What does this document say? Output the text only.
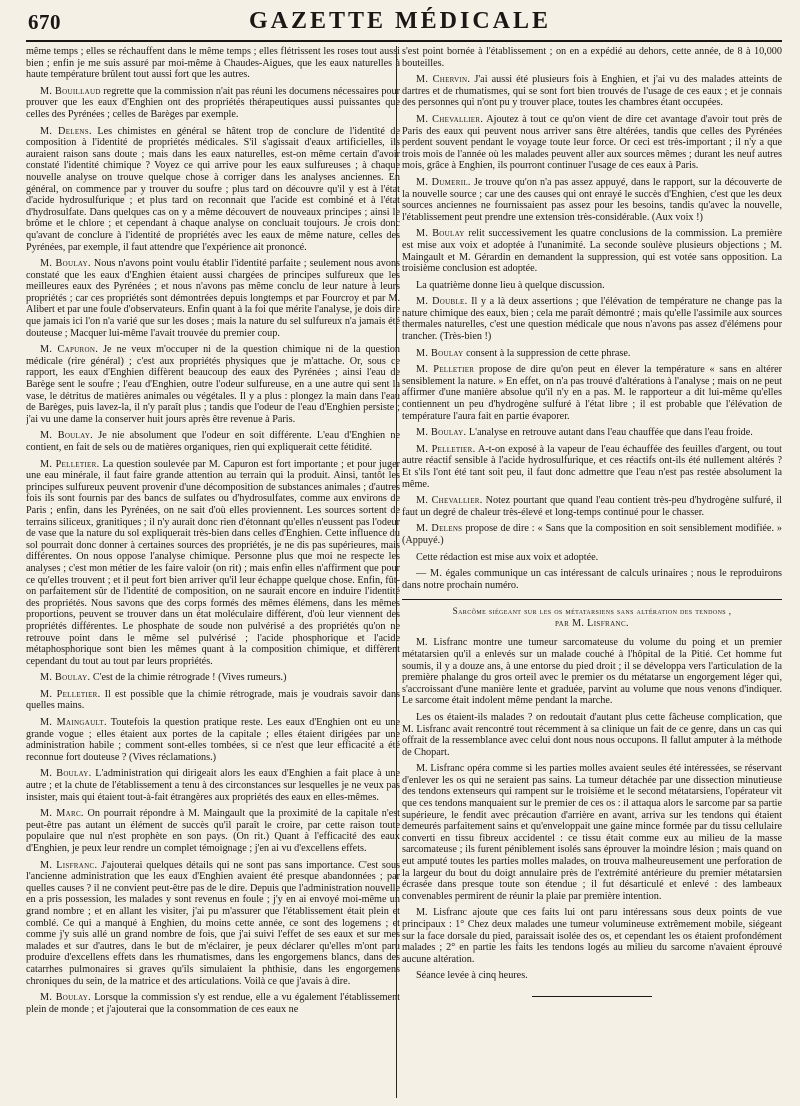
670	GAZETTE MÉDICALE

même temps ; elles se réchauffent dans le même temps ; elles flétrissent les roses tout aussi bien ; enfin je me suis assuré par moi-même à Chaudes-Aigues, que les eaux naturelles à haute température brûlent tout aussi fort que les autres.

M. Bouillaud regrette que la commission n'ait pas réuni les documens nécessaires pour prouver que les eaux d'Enghien ont des propriétés thérapeutiques aussi puissantes que celles des Pyrénées ; celles de Barèges par exemple.

M. Delens. Les chimistes en général se hâtent trop de conclure de l'identité de composition à l'identité de propriétés médicales. S'il s'agissait d'eaux artificielles, ils auraient raison sans doute ; mais dans les eaux naturelles, est-on même certain d'avoir constaté l'identité chimique ? Voyez ce qui arrive pour les eaux sulfureuses ; à chaque nouvelle analyse on trouve quelque chose à corriger dans les analyses anciennes. En général, on commence par y trouver du soufre ; plus tard on découvre qu'il y est à l'état d'acide hydrosulfurique ; et plus tard on reconnait que l'acide est combiné et à l'état d'hydrosulfate. Dans quelques cas on y a même découvert de nouveaux principes ; ainsi le brôme et le chlore ; et cependant à chaque analyse on concluait toujours. Je crois donc qu'avant de conclure à l'identité de propriétés avec les eaux de même nature, celles des Pyrénées, par exemple, il faut attendre que l'expérience ait prononcé.

M. Boulay. Nous n'avons point voulu établir l'identité parfaite ; seulement nous avons constaté que les eaux d'Enghien étaient aussi chargées de principes sulfureux que les meilleures eaux des Pyrénées ; et nous n'avons pas même conclu de leur nature à leurs propriétés ; car ces propriétés sont démontrées depuis longtemps et par Fourcroy et par M. Alibert et par une foule d'observateurs. Enfin quant à la foi que mérite l'analyse, je dois dire que jamais ici l'on n'a varié que sur les doses ; mais la nature du sel sulfureux n'a jamais été douteuse ; Macquer lui-même l'avait trouvée du premier coup.

M. Capuron. Je ne veux m'occuper ni de la question chimique ni de la question médicale (rire général) ; c'est aux propriétés physiques que je m'attache. Or, sous ce rapport, les eaux d'Enghien diffèrent beaucoup des eaux des Pyrénées ; ainsi l'eau de Barège sent le soufre ; l'eau d'Enghien, outre l'odeur sulfureuse, en a une autre qui sent la vase, le détritus de matières animales ou végétales. Il y a plus : plongez la main dans l'eau de Barèges, puis lavez-la, il n'y paraît plus ; tandis que l'odeur de l'eau d'Enghien persiste ; j'ai vu une dame la conserver huit jours après être revenue à Paris.

M. Boulay. Je nie absolument que l'odeur en soit différente. L'eau d'Enghien ne contient, en fait de sels ou de matières organiques, rien qui expliquerait cette fétidité.

M. Pelletier. La question soulevée par M. Capuron est fort importante ; et pour juger une eau minérale, il faut faire grande attention au terrain qui la produit. Ainsi, tantôt les principes sulfureux peuvent provenir d'une décomposition de substances animales ; d'autres fois ils sont fournis par des bancs de sulfates ou d'hydrosulfates, comme aux environs de Paris ; enfin, dans les Pyrénées, on ne sait d'où elles proviennent. Les sources sortent de terrains siliceux, granitiques ; il n'y aurait donc rien d'étonnant qu'elles n'eussent pas l'odeur de vase que la nature du sol expliquerait très-bien dans celles d'Enghien. Cette influence du sol pourrait donc donner à certaines sources des propriétés, je ne dis pas supérieures, mais différentes. On nous oppose l'analyse chimique. Personne plus que moi ne respecte les analyses ; c'est mon métier de les faire valoir (on rit) ; mais enfin elles n'affirment que pour ce qu'elles trouvent ; et il peut fort bien arriver qu'il leur échappe quelque chose. Enfin, fût-on parfaitement sûr de l'identité de composition, on ne saurait encore en induire l'identité des propriétés. Nous savons que des corps formés des mêmes élémens, dans les mêmes proportions, peuvent se trouver dans un état moléculaire différent, d'où leur viennent des propriétés différentes. Le phosphate de soude non pulvérisé a des propriétés qu'on ne retrouve point dans le même sel pulvérisé ; l'acide phosphorique et l'acide métaphosphorique sont bien les mêmes quant à la composition chimique, et diffèrent cependant du tout au tout par leurs propriétés.

M. Boulay. C'est de la chimie rétrograde ! (Vives rumeurs.)

M. Pelletier. Il est possible que la chimie rétrograde, mais je voudrais savoir dans quelles mains.

M. Maingault. Toutefois la question pratique reste. Les eaux d'Enghien ont eu une grande vogue ; elles étaient aux portes de la capitale ; elles étaient dirigées par une administration habile ; comment sont-elles tombées, si ce n'est que leur efficacité a été reconnue fort douteuse ? (Vives réclamations.)

M. Boulay. L'administration qui dirigeait alors les eaux d'Enghien a fait place à une autre ; et la chute de l'établissement a tenu à des circonstances sur lesquelles je ne veux pas insister, mais qui étaient tout-à-fait étrangères aux propriétés des eaux en elles-mêmes.

M. Marc. On pourrait répondre à M. Maingault que la proximité de la capitale n'est peut-être pas autant un élément de succès qu'il paraît le croire, par cette raison toute populaire que nul n'est prophète en son pays. (On rit.) Quant à l'efficacité des eaux d'Enghien, je peux leur rendre un complet témoignage ; j'en ai vu d'excellens effets.

M. Lisfranc. J'ajouterai quelques détails qui ne sont pas sans importance. C'est sous l'ancienne administration que les eaux d'Enghien avaient été presque abandonnées ; par quelles causes ? il ne convient peut-être pas de le dire. Depuis que l'administration nouvelle en a pris possession, les malades y sont revenus en foule ; j'y en ai envoyé moi-même un grand nombre ; et en allant les visiter, j'ai pu m'assurer que l'établissement était plein et comblé. Ce qui a manqué à Enghien, du moins cette année, ce sont des logemens ; et comme j'y suis allé un grand nombre de fois, que j'ai suivi l'effet de ses eaux et sur mes malades et sur d'autres, dans le but de m'éclairer, je peux déclarer qu'elles m'ont paru produire d'excellens effets dans les rhumatismes, dans les engorgemens blancs, dans des catarrhes pulmonaires si graves qu'ils simulaient la phthisie, dans les engorgemens chroniques du sein, de la matrice et des articulations. Voilà ce que j'avais à dire.

M. Boulay. Lorsque la commission s'y est rendue, elle a vu également l'établissement plein de monde ; et j'ajouterai que la consommation de ces eaux ne

s'est point bornée à l'établissement ; on en a expédié au dehors, cette année, de 8 à 10,000 bouteilles.

M. Chervin. J'ai aussi été plusieurs fois à Enghien, et j'ai vu des malades atteints de dartres et de rhumatismes, qui se sont fort bien trouvés de l'usage de ces eaux ; et je connais des personnes qui n'ont pu y trouver place, toutes les chambres étant occupées.

M. Chevallier. Ajoutez à tout ce qu'on vient de dire cet avantage d'avoir tout près de Paris des eaux qui peuvent nous arriver sans être altérées, tandis que celles des Pyrénées perdent souvent pendant le voyage toute leur force. Or ceci est très-important ; il n'y a que trois mois de l'année où les malades peuvent aller aux sources mêmes ; durant les neuf autres mois, grâce à Enghien, ils pourront continuer l'usage de ces eaux à Paris.

M. Dumeril. Je trouve qu'on n'a pas assez appuyé, dans le rapport, sur la découverte de la nouvelle source ; car une des causes qui ont enrayé le succès d'Enghien, c'est que les deux sources anciennes ne fournissaient pas assez pour les besoins, tandis qu'avec la nouvelle, l'établissement peut prendre une extension très-considérable. (Aux voix !)

M. Boulay relit successivement les quatre conclusions de la commission. La première est mise aux voix et adoptée à l'unanimité. La seconde soulève plusieurs objections ; M. Maingault et M. Gérardin en demandent la suppression, qui est votée sans opposition. La troisième conclusion est adoptée.

La quatrième donne lieu à quelque discussion.

M. Double. Il y a là deux assertions ; que l'élévation de température ne change pas la nature chimique des eaux, bien ; cela me paraît démontré ; mais qu'elle l'assimile aux sources thermales naturelles, c'est une question médicale que nous n'avons pas assez d'élémens pour trancher. (Très-bien !)

M. Boulay consent à la suppression de cette phrase.

M. Pelletier propose de dire qu'on peut en élever la température « sans en altérer sensiblement la nature. » En effet, on n'a pas trouvé d'altérations à l'analyse ; mais on ne peut affirmer d'une manière absolue qu'il n'y en a pas. M. le rapporteur a dit lui-même qu'elles contiennent un peu d'hydrogène sulfuré à l'état libre ; il est probable que l'élévation de température l'aura fait en partie évaporer.

M. Boulay. L'analyse en retrouve autant dans l'eau chauffée que dans l'eau froide.

M. Pelletier. A-t-on exposé à la vapeur de l'eau échauffée des feuilles d'argent, ou tout autre réactif sensible à l'acide hydrosulfurique, et ces réactifs ont-ils été nullement altérés ? Et s'ils l'ont été tant soit peu, il faut donc admettre que l'eau n'est pas restée absolument la même.

M. Chevallier. Notez pourtant que quand l'eau contient très-peu d'hydrogène sulfuré, il faut un degré de chaleur très-élevé et long-temps continué pour le chasser.

M. Delens propose de dire : « Sans que la composition en soit sensiblement modifiée. » (Appuyé.)

Cette rédaction est mise aux voix et adoptée.

— M. égales communique un cas intéressant de calculs urinaires ; nous le reproduirons dans notre prochain numéro.

Sarcôme siégeant sur les os métatarsiens sans altération des tendons ,
par M. Lisfranc.

M. Lisfranc montre une tumeur sarcomateuse du volume du poing et un premier métatarsien qu'il a enlevés sur un malade couché à l'hôpital de la Pitié. Cet homme fut soumis, il y a douze ans, à une entorse du pied droit ; il se développa vers l'articulation de la première phalange du gros orteil avec le premier os du métatarse un engorgement léger qui, s'accroissant d'une manière lente et graduée, parvint au volume que nous venons d'indiquer. Le sarcome était indolent même pendant la marche.

Les os étaient-ils malades ? on redoutait d'autant plus cette fâcheuse complication, que M. Lisfranc avait rencontré tout récemment à sa clinique un fait de ce genre, dans un cas qui offrait de la ressemblance avec celui dont nous nous occupons. Il fallut amputer à la méthode de Chopart.

M. Lisfranc opéra comme si les parties molles avaient seules été intéressées, se réservant d'enlever les os qui ne seraient pas sains. La tumeur détachée par une dissection minutieuse des tendons extenseurs qui rampent sur le troisième et le second métatarsiens, l'opérateur vit que ces tendons manquaient sur le premier de ces os : il attaqua alors le sarcome par sa partie supérieure, le fendit avec précaution d'arrière en avant, arriva sur les tendons qui étaient demeurés parfaitement sains et qu'enveloppait une gaine mince formée par du tissu cellulaire converti en tissu fibreux accidentel : ce tissu était comme eux au milieu de la masse sarcomateuse ; ils furent péniblement isolés sans éprouver la moindre lésion ; mais quand on eut amputé toutes les parties molles malades, on trouva malheureusement une perforation de la largeur du bout du doigt annulaire près de l'extrémité antérieure du premier métatarsien écrasée dans presque toute son étendue ; il fut désarticulé et enlevé : des lambeaux convenables permirent de réunir la plaie par première intention.

M. Lisfranc ajoute que ces faits lui ont paru intéressans sous deux points de vue principaux : 1° Chez deux malades une tumeur volumineuse extrêmement mobile, siégeant sur la face dorsale du pied, paraissait isolée des os, et cependant les os étaient profondément malades ; 2° en partie les faits les tendons logés au milieu du sarcome n'avaient éprouvé aucune altération.

Séance levée à cinq heures.
